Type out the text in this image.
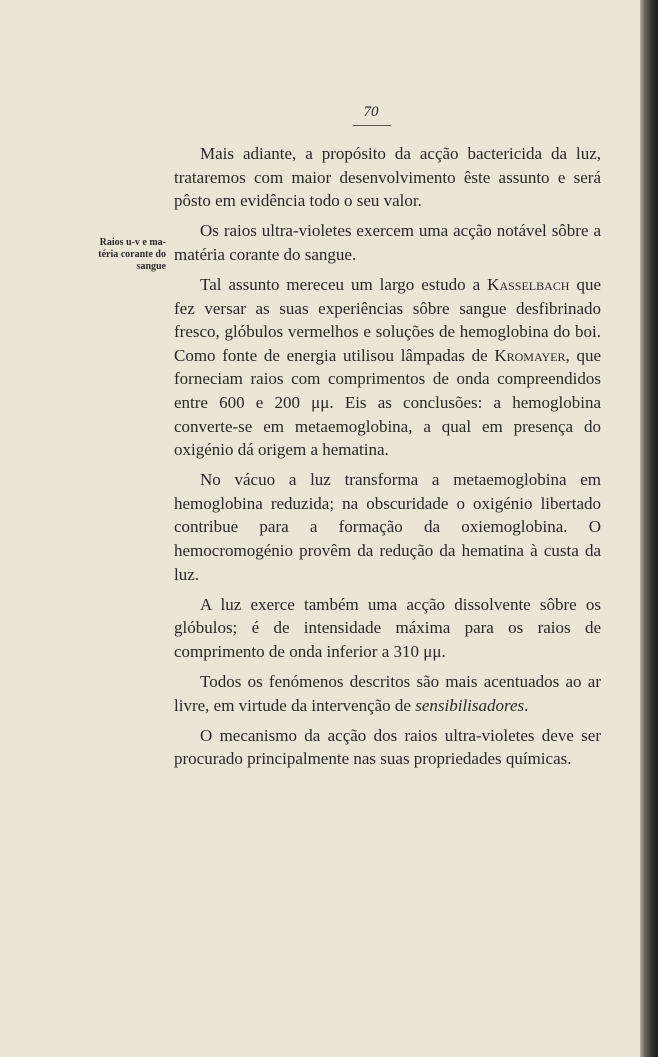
70
Raios u-v e ma-téria corante do sangue

Mais adiante, a propósito da acção bactericida da luz, trataremos com maior desenvolvimento êste assunto e será pôsto em evidência todo o seu valor.

Os raios ultra-violetes exercem uma acção notável sôbre a matéria corante do sangue.

Tal assunto mereceu um largo estudo a Kasselbach que fez versar as suas experiências sôbre sangue desfibrinado fresco, glóbulos vermelhos e soluções de hemoglobina do boi. Como fonte de energia utilisou lâmpadas de Kromayer, que forneciam raios com comprimentos de onda compreendidos entre 600 e 200 μμ. Eis as conclusões: a hemoglobina converte-se em metaemoglobina, a qual em presença do oxigénio dá origem a hematina.

No vácuo a luz transforma a metaemoglobina em hemoglobina reduzida; na obscuridade o oxigénio libertado contribue para a formação da oxiemoglobina. O hemocromogénio provêm da redução da hematina à custa da luz.

A luz exerce também uma acção dissolvente sôbre os glóbulos; é de intensidade máxima para os raios de comprimento de onda inferior a 310 μμ.

Todos os fenómenos descritos são mais acentuados ao ar livre, em virtude da intervenção de sensibilisadores.

O mecanismo da acção dos raios ultra-violetes deve ser procurado principalmente nas suas propriedades químicas.
